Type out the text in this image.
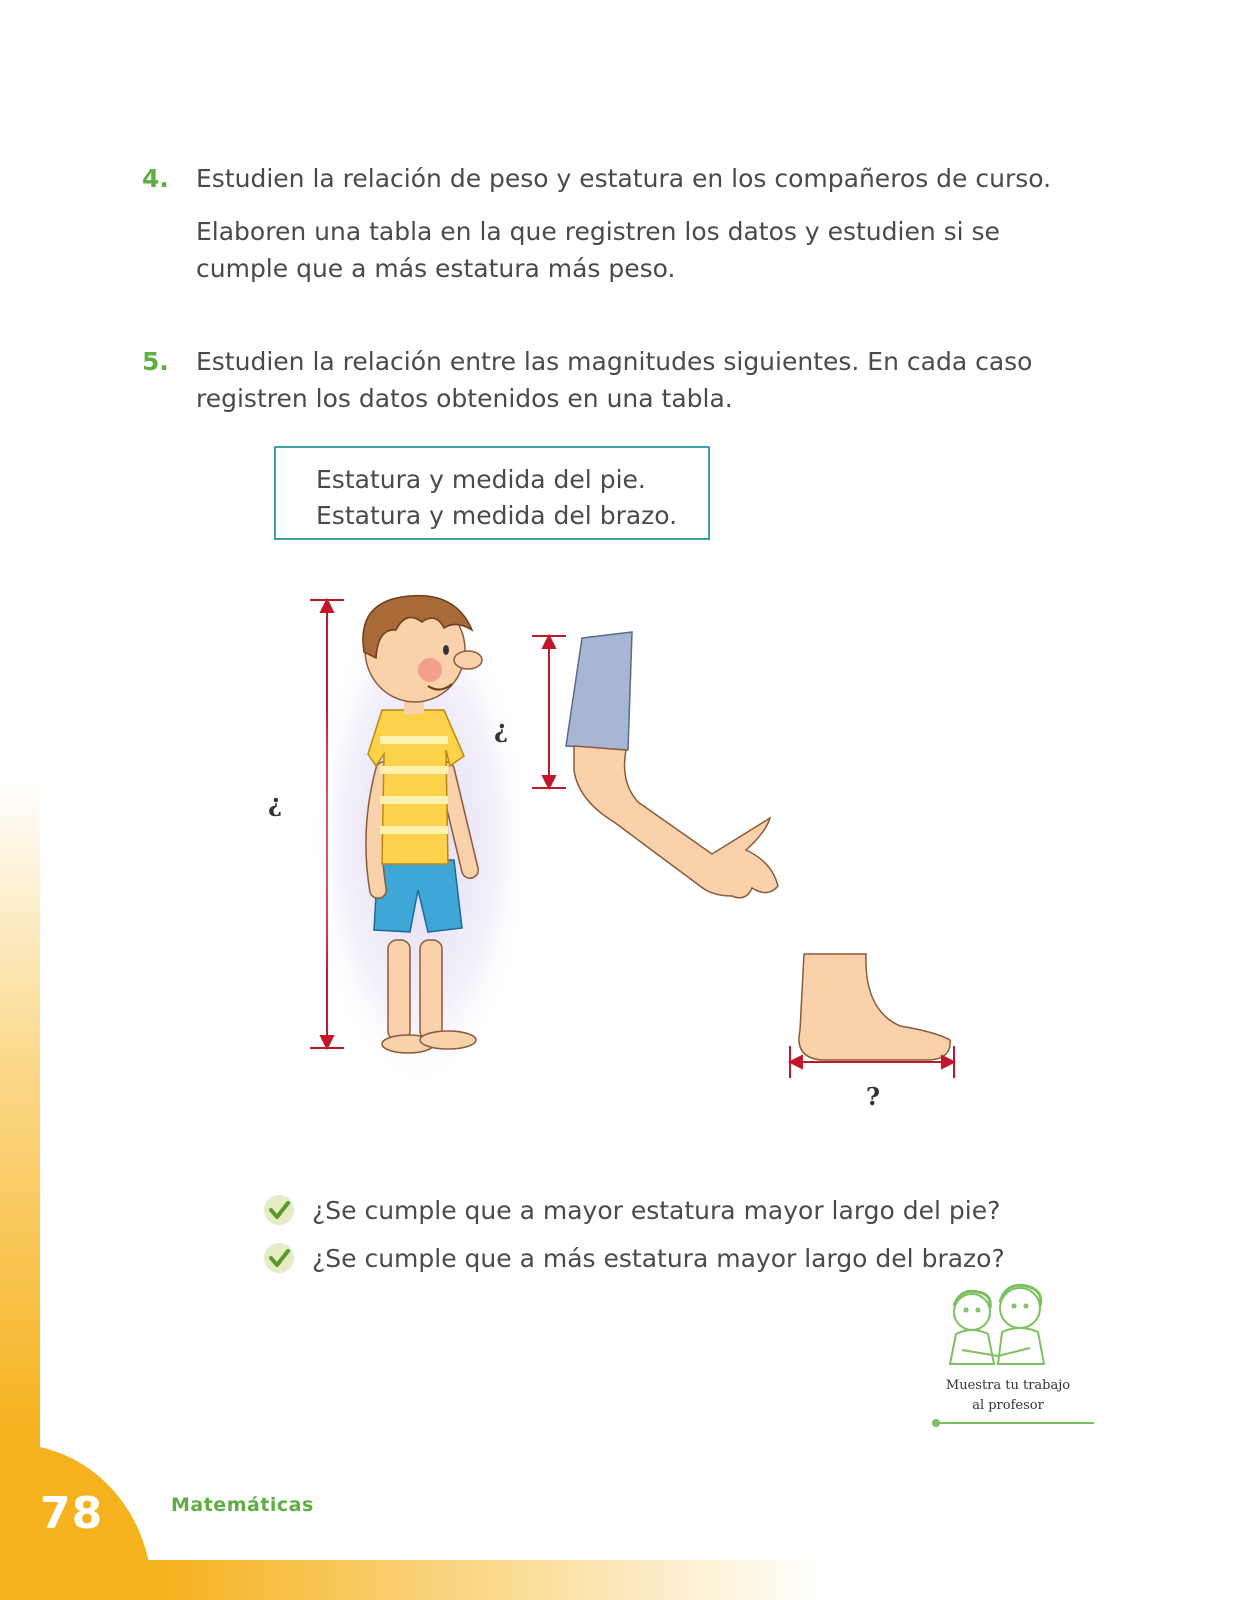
4. Estudien la relación de peso y estatura en los compañeros de curso.

Elaboren una tabla en la que registren los datos y estudien si se cumple que a más estatura más peso.

5. Estudien la relación entre las magnitudes siguientes. En cada caso registren los datos obtenidos en una tabla.

Estatura y medida del pie.
Estatura y medida del brazo.
?
?
?
¿Se cumple que a mayor estatura mayor largo del pie?
¿Se cumple que a más estatura mayor largo del brazo?
Muestra tu trabajo
al profesor
Matemáticas
78
